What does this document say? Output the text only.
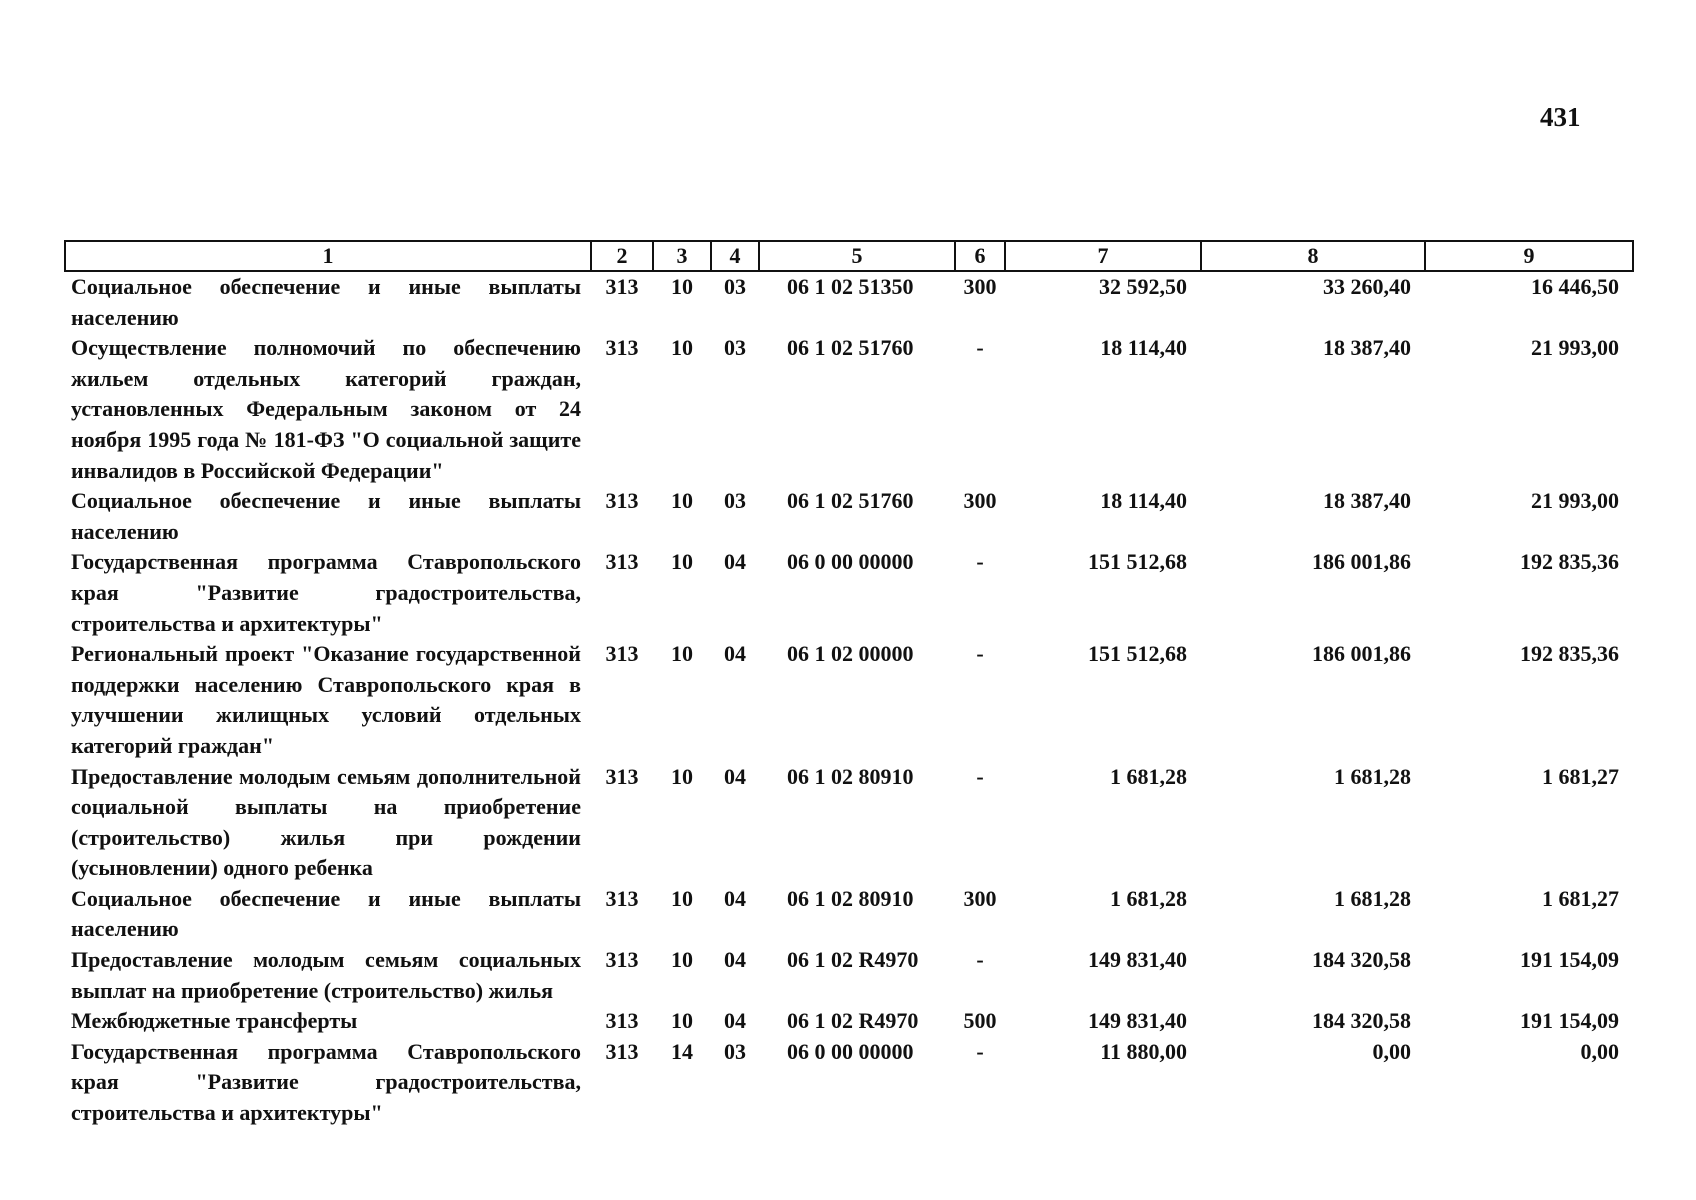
431
1	2	3	4	5	6	7	8	9
Социальное обеспечение и иные выплаты населению	313	10	03	06 1 02 51350	300	32 592,50	33 260,40	16 446,50
Осуществление полномочий по обеспечению жильем отдельных категорий граждан, установленных Федеральным законом от 24 ноября 1995 года № 181-ФЗ "О социальной защите инвалидов в Российской Федерации"	313	10	03	06 1 02 51760	-	18 114,40	18 387,40	21 993,00
Социальное обеспечение и иные выплаты населению	313	10	03	06 1 02 51760	300	18 114,40	18 387,40	21 993,00
Государственная программа Ставропольского края "Развитие градостроительства, строительства и архитектуры"	313	10	04	06 0 00 00000	-	151 512,68	186 001,86	192 835,36
Региональный проект "Оказание государственной поддержки населению Ставропольского края в улучшении жилищных условий отдельных категорий граждан"	313	10	04	06 1 02 00000	-	151 512,68	186 001,86	192 835,36
Предоставление молодым семьям дополнительной социальной выплаты на приобретение (строительство) жилья при рождении (усыновлении) одного ребенка	313	10	04	06 1 02 80910	-	1 681,28	1 681,28	1 681,27
Социальное обеспечение и иные выплаты населению	313	10	04	06 1 02 80910	300	1 681,28	1 681,28	1 681,27
Предоставление молодым семьям социальных выплат на приобретение (строительство) жилья	313	10	04	06 1 02 R4970	-	149 831,40	184 320,58	191 154,09
Межбюджетные трансферты	313	10	04	06 1 02 R4970	500	149 831,40	184 320,58	191 154,09
Государственная программа Ставропольского края "Развитие градостроительства, строительства и архитектуры"	313	14	03	06 0 00 00000	-	11 880,00	0,00	0,00
